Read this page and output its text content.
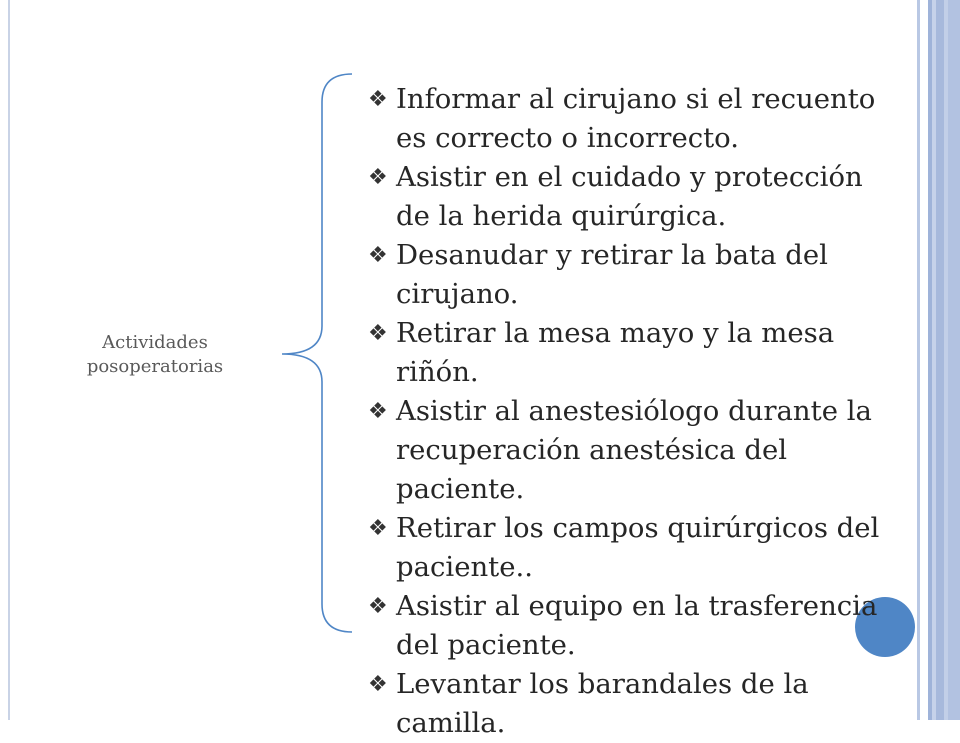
Actividades
posoperatorias
❖ Informar al cirujano si el recuento es correcto o incorrecto.
❖ Asistir en el cuidado y protección de la herida quirúrgica.
❖ Desanudar y retirar la bata del cirujano.
❖ Retirar la mesa mayo y la mesa riñón.
❖ Asistir al anestesiólogo durante la recuperación anestésica del paciente.
❖ Retirar los campos quirúrgicos del paciente..
❖ Asistir al equipo en la trasferencia del paciente.
❖ Levantar los barandales de la camilla.
